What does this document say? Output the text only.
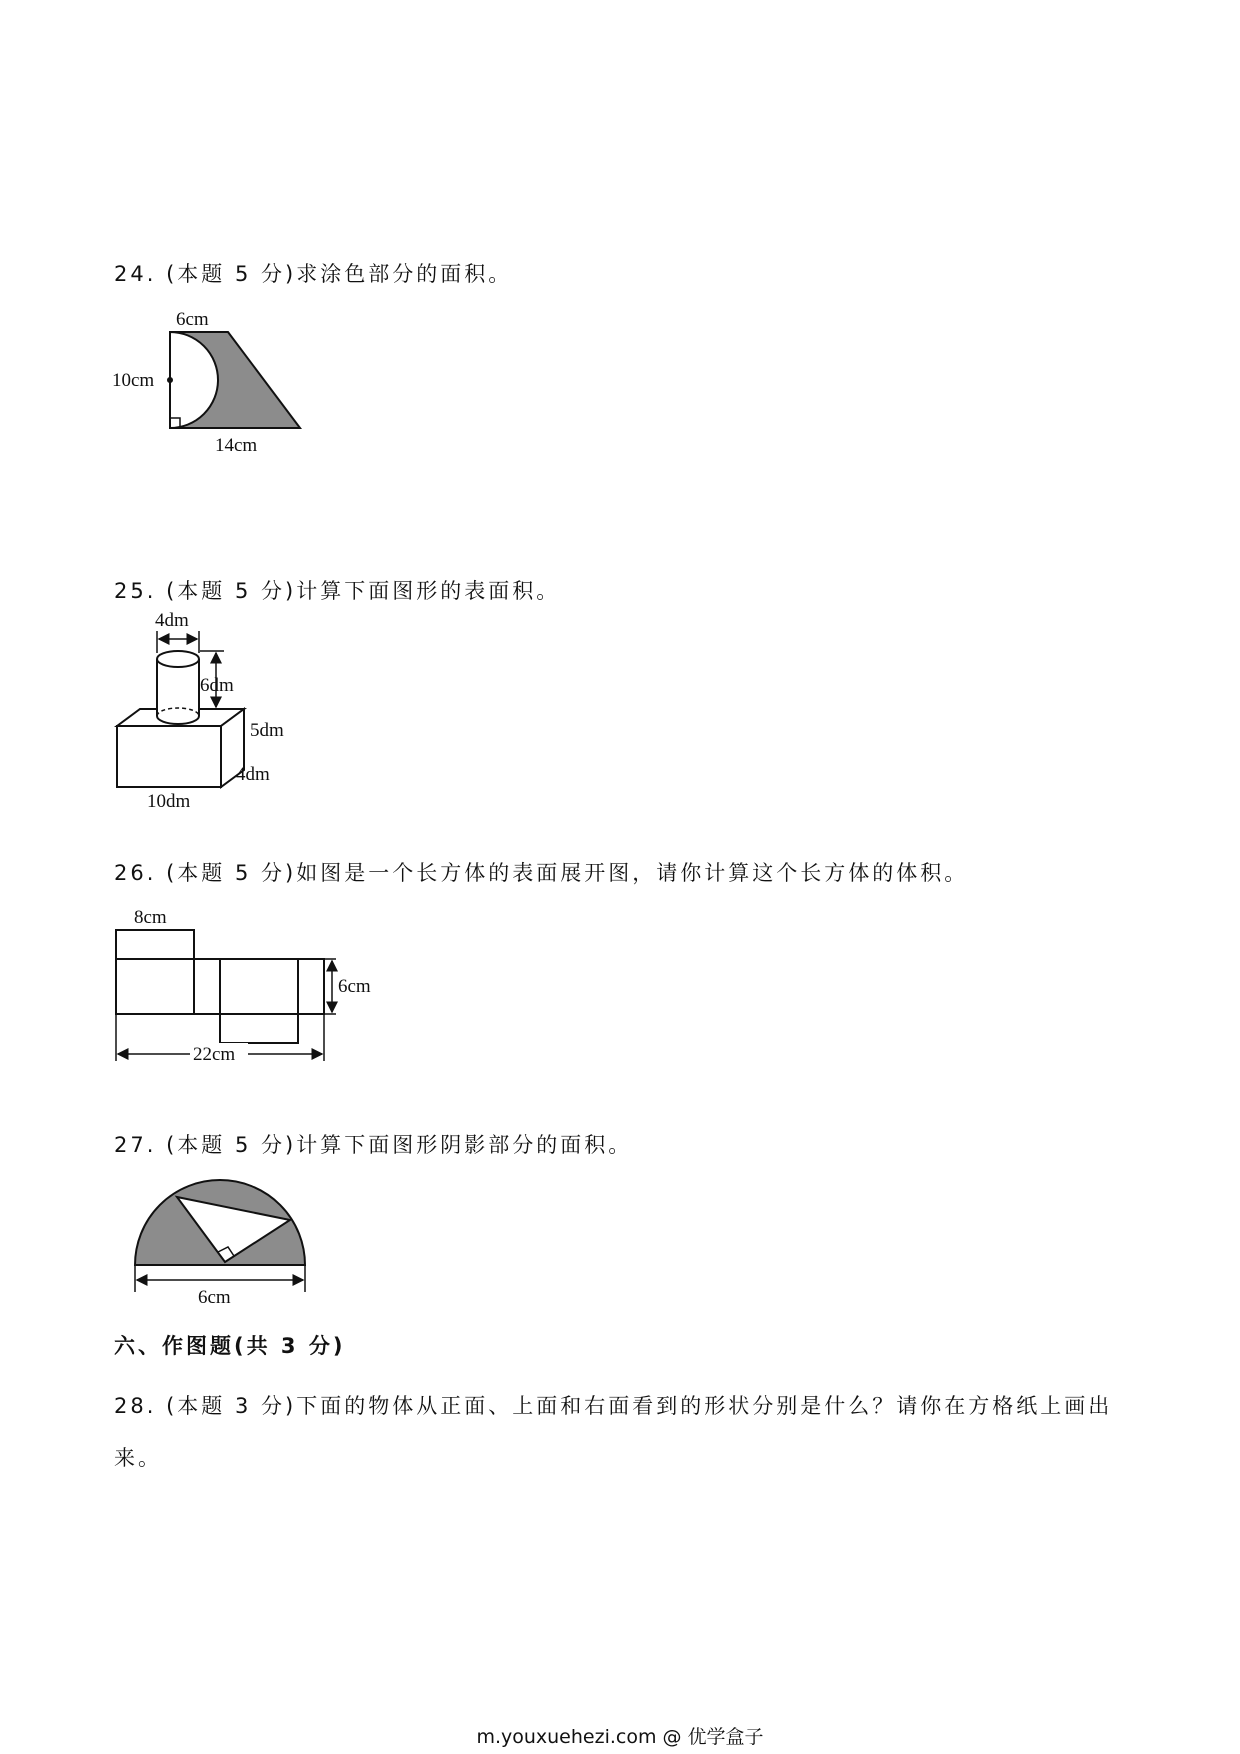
24. (本题 5 分)求涂色部分的面积。
6cm
10cm
14cm
25. (本题 5 分)计算下面图形的表面积。
4dm
6dm
5dm
4dm
10dm
26. (本题 5 分)如图是一个长方体的表面展开图，请你计算这个长方体的体积。
8cm
6cm
22cm
27. (本题 5 分)计算下面图形阴影部分的面积。
6cm
六、作图题(共 3 分)
28. (本题 3 分)下面的物体从正面、上面和右面看到的形状分别是什么？请你在方格纸上画出来。
m.youxuehezi.com @ 优学盒子
